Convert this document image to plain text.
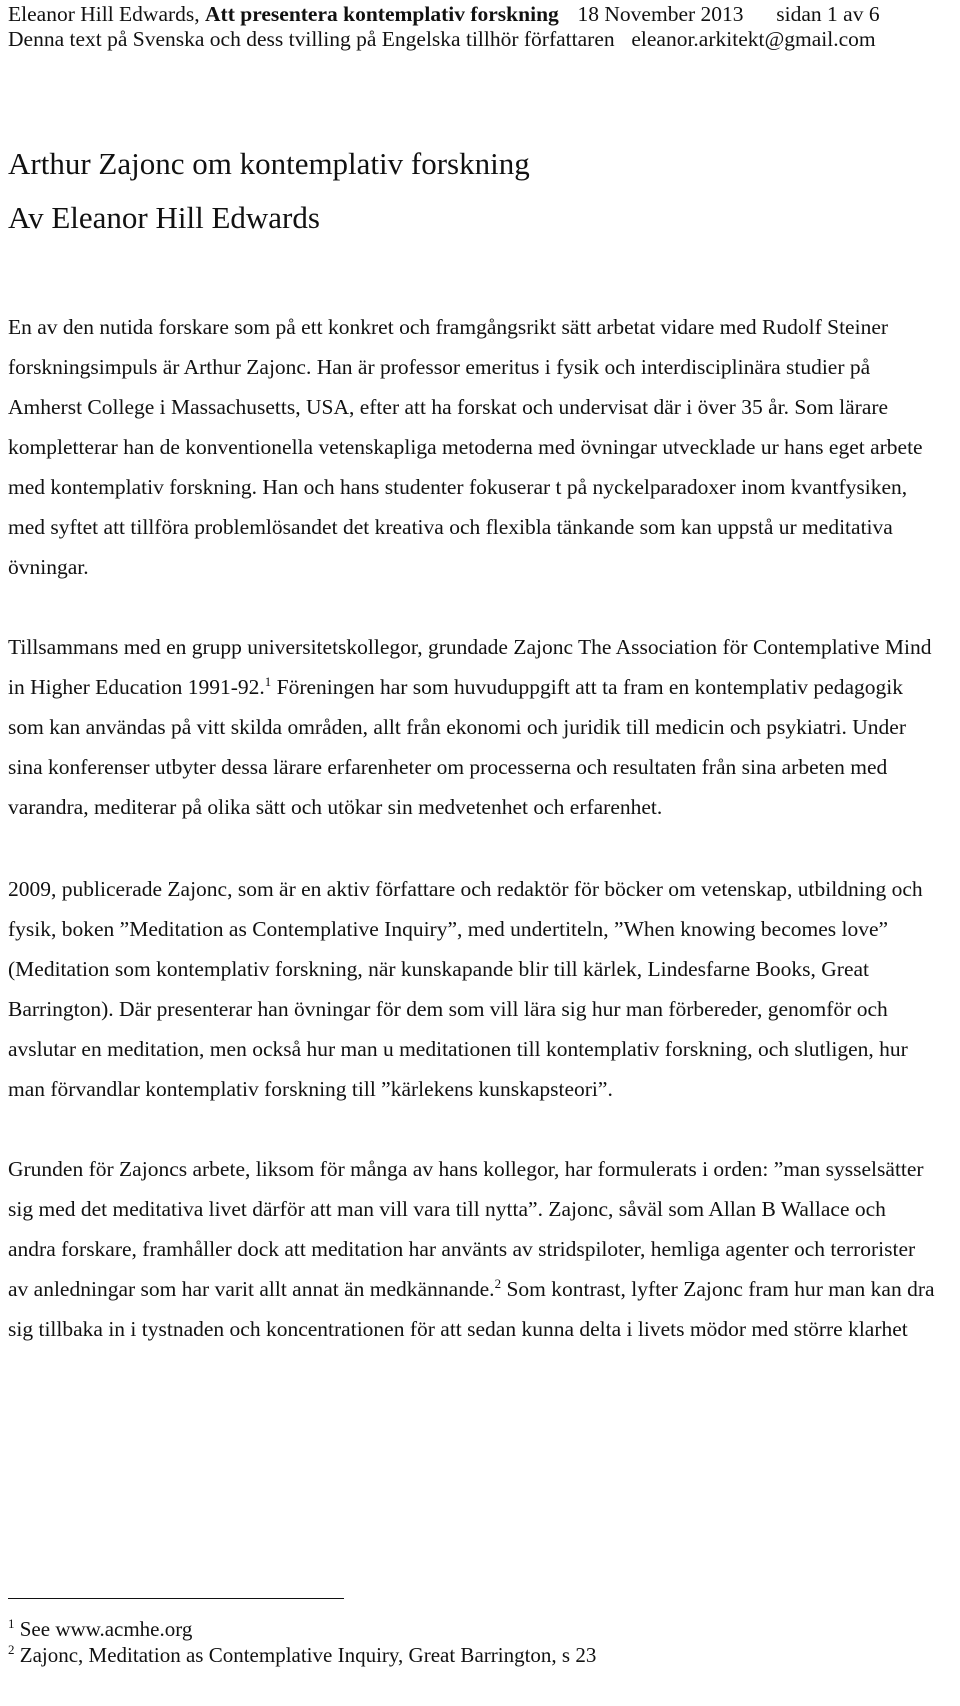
Eleanor Hill Edwards, Att presentera kontemplativ forskning 18 November 2013 sidan 1 av 6
Denna text på Svenska och dess tvilling på Engelska tillhör författaren eleanor.arkitekt@gmail.com
Arthur Zajonc om kontemplativ forskning
Av Eleanor Hill Edwards

En av den nutida forskare som på ett konkret och framgångsrikt sätt arbetat vidare med Rudolf Steiner forskningsimpuls är Arthur Zajonc. Han är professor emeritus i fysik och interdisciplinära studier på Amherst College i Massachusetts, USA, efter att ha forskat och undervisat där i över 35 år. Som lärare kompletterar han de konventionella vetenskapliga metoderna med övningar utvecklade ur hans eget arbete med kontemplativ forskning. Han och hans studenter fokuserar t på nyckelparadoxer inom kvantfysiken, med syftet att tillföra problemlösandet det kreativa och flexibla tänkande som kan uppstå ur meditativa övningar.

Tillsammans med en grupp universitetskollegor, grundade Zajonc The Association för Contemplative Mind in Higher Education 1991-92.$^1$ Föreningen har som huvuduppgift att ta fram en kontemplativ pedagogik som kan användas på vitt skilda områden, allt från ekonomi och juridik till medicin och psykiatri. Under sina konferenser utbyter dessa lärare erfarenheter om processerna och resultaten från sina arbeten med varandra, mediterar på olika sätt och utökar sin medvetenhet och erfarenhet.

2009, publicerade Zajonc, som är en aktiv författare och redaktör för böcker om vetenskap, utbildning och fysik, boken ”Meditation as Contemplative Inquiry”, med undertiteln, ”When knowing becomes love” (Meditation som kontemplativ forskning, när kunskapande blir till kärlek, Lindesfarne Books, Great Barrington). Där presenterar han övningar för dem som vill lära sig hur man förbereder, genomför och avslutar en meditation, men också hur man u meditationen till kontemplativ forskning, och slutligen, hur man förvandlar kontemplativ forskning till ”kärlekens kunskapsteori”.

Grunden för Zajoncs arbete, liksom för många av hans kollegor, har formulerats i orden: ”man sysselsätter sig med det meditativa livet därför att man vill vara till nytta”. Zajonc, såväl som Allan B Wallace och andra forskare, framhåller dock att meditation har använts av stridspiloter, hemliga agenter och terrorister av anledningar som har varit allt annat än medkännande.$^2$ Som kontrast, lyfter Zajonc fram hur man kan dra sig tillbaka in i tystnaden och koncentrationen för att sedan kunna delta i livets mödor med större klarhet

$^1$ See www.acmhe.org
$^2$ Zajonc, Meditation as Contemplative Inquiry, Great Barrington, s 23
